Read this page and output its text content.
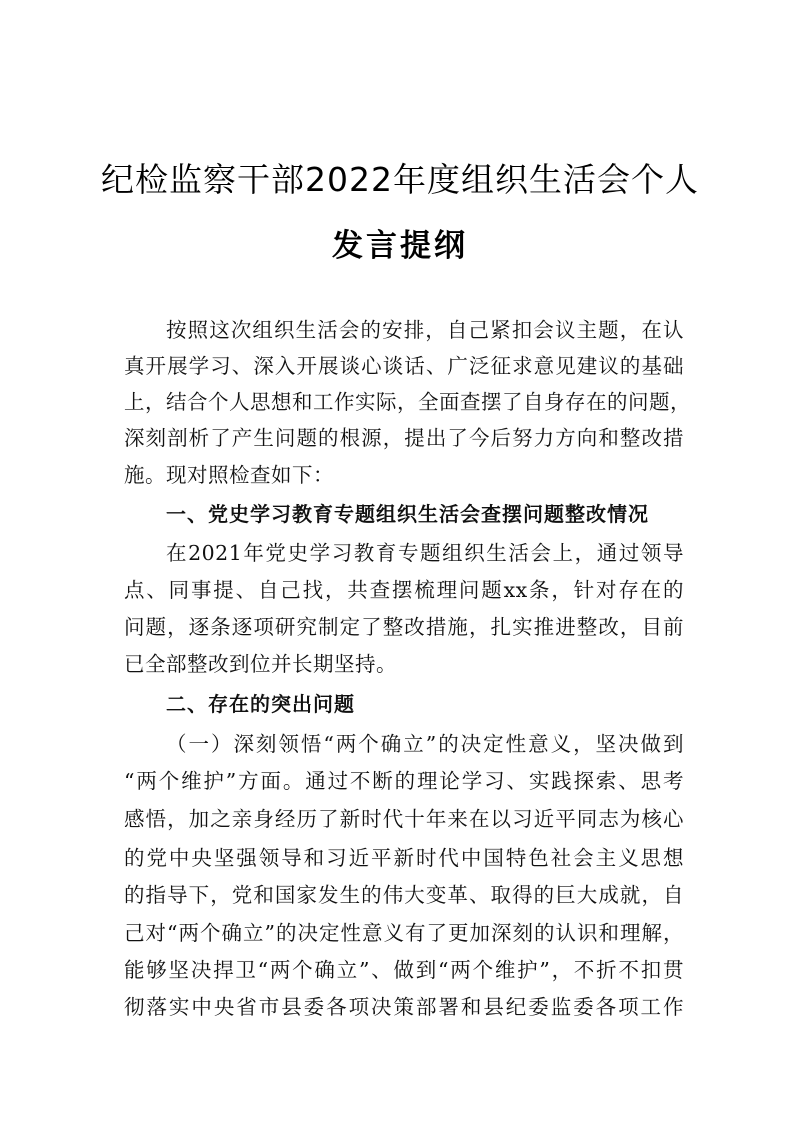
纪检监察干部2022年度组织生活会个人
发言提纲
按照这次组织生活会的安排，自己紧扣会议主题，在认
真开展学习、深入开展谈心谈话、广泛征求意见建议的基础
上，结合个人思想和工作实际，全面查摆了自身存在的问题，
深刻剖析了产生问题的根源，提出了今后努力方向和整改措
施。现对照检查如下：
一、党史学习教育专题组织生活会查摆问题整改情况
在2021年党史学习教育专题组织生活会上，通过领导
点、同事提、自己找，共查摆梳理问题xx条，针对存在的
问题，逐条逐项研究制定了整改措施，扎实推进整改，目前
已全部整改到位并长期坚持。
二、存在的突出问题
（一）深刻领悟“两个确立”的决定性意义，坚决做到
“两个维护”方面。通过不断的理论学习、实践探索、思考
感悟，加之亲身经历了新时代十年来在以习近平同志为核心
的党中央坚强领导和习近平新时代中国特色社会主义思想
的指导下，党和国家发生的伟大变革、取得的巨大成就，自
己对“两个确立”的决定性意义有了更加深刻的认识和理解，
能够坚决捍卫“两个确立”、做到“两个维护”，不折不扣贯
彻落实中央省市县委各项决策部署和县纪委监委各项工作
